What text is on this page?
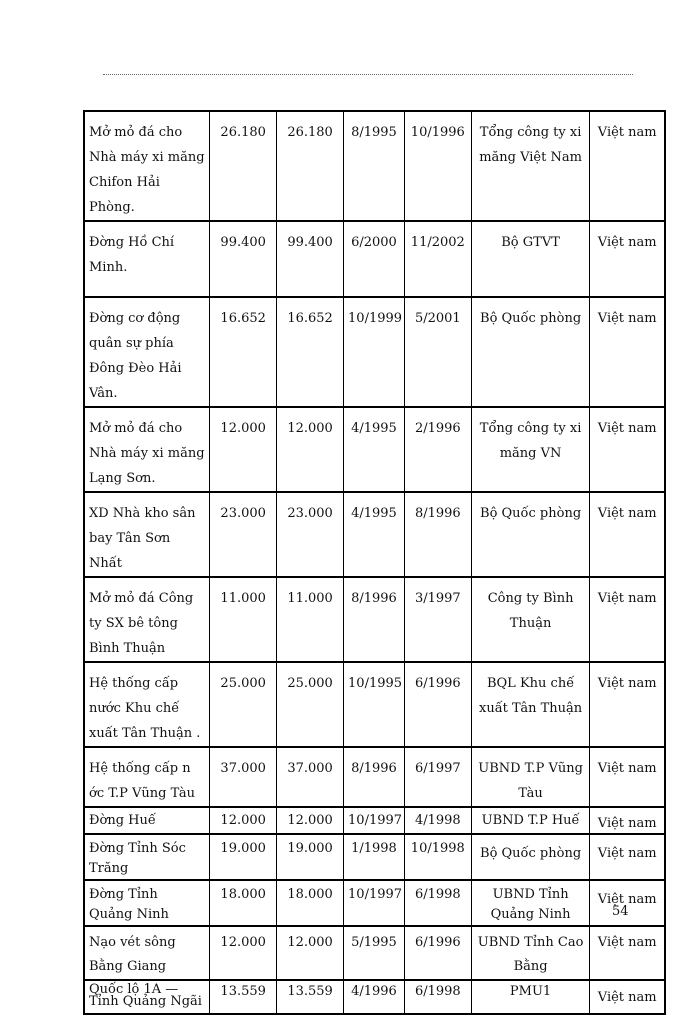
Mở mỏ đá cho Nhà máy xi măng Chifon Hải Phòng.	26.180	26.180	8/1995	10/1996	Tổng công ty xi măng Việt Nam	Việt nam
Đờng Hồ Chí Minh.	99.400	99.400	6/2000	11/2002	Bộ GTVT	Việt nam
Đờng cơ động quân sự phía Đông Đèo Hải Vân.	16.652	16.652	10/1999	5/2001	Bộ Quốc phòng	Việt nam
Mở mỏ đá cho Nhà máy xi măng Lạng Sơn.	12.000	12.000	4/1995	2/1996	Tổng công ty xi măng VN	Việt nam
XD Nhà kho sân bay Tân Sơn Nhất	23.000	23.000	4/1995	8/1996	Bộ Quốc phòng	Việt nam
Mở mỏ đá Công ty SX bê tông Bình Thuận	11.000	11.000	8/1996	3/1997	Công ty Bình Thuận	Việt nam
Hệ thống cấp nước Khu chế xuất Tân Thuận .	25.000	25.000	10/1995	6/1996	BQL Khu chế xuất Tân Thuận	Việt nam
Hệ thống cấp n ớc T.P Vũng Tàu	37.000	37.000	8/1996	6/1997	UBND T.P Vũng Tàu	Việt nam
Đờng Huế	12.000	12.000	10/1997	4/1998	UBND T.P Huế	Việt nam
Đờng Tỉnh Sóc Trăng	19.000	19.000	1/1998	10/1998	Bộ Quốc phòng	Việt nam
Đờng Tỉnh Quảng Ninh	18.000	18.000	10/1997	6/1998	UBND Tỉnh Quảng Ninh	Việt nam
Nạo vét sông Bằng Giang	12.000	12.000	5/1995	6/1996	UBND Tỉnh Cao Bằng	Việt nam
Quốc lộ 1A — Tỉnh Quảng Ngãi	13.559	13.559	4/1996	6/1998	PMU1	Việt nam
54
